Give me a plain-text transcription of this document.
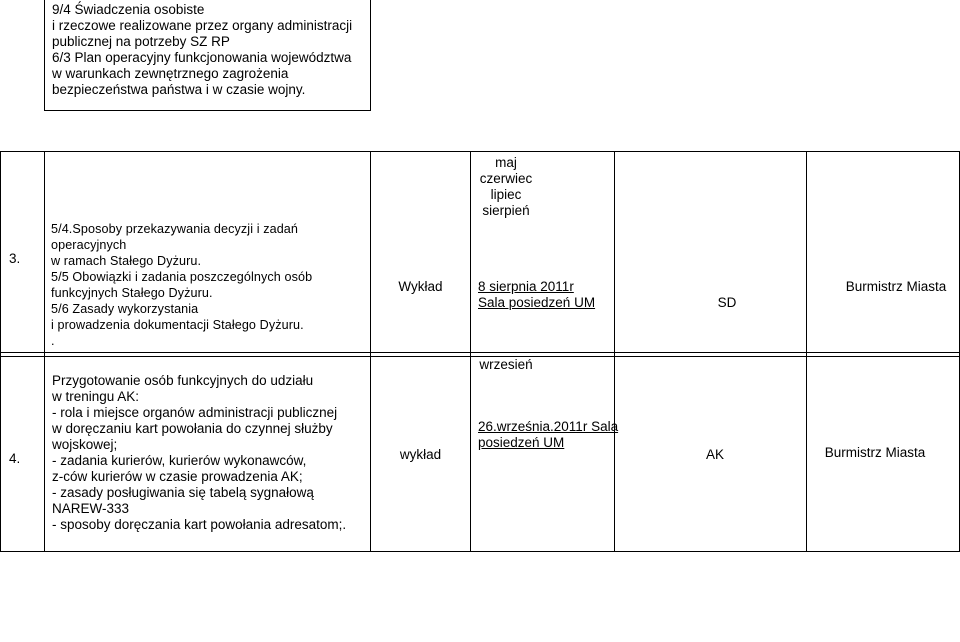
9/4 Świadczenia osobiste
i rzeczowe realizowane przez organy administracji
publicznej na potrzeby SZ RP
6/3 Plan operacyjny funkcjonowania województwa
w warunkach zewnętrznego zagrożenia
bezpieczeństwa państwa i w czasie wojny.
3.
5/4.Sposoby przekazywania decyzji i zadań
operacyjnych
w ramach Stałego Dyżuru.
5/5 Obowiązki i zadania poszczególnych osób
funkcyjnych Stałego Dyżuru.
5/6 Zasady wykorzystania
i prowadzenia dokumentacji Stałego Dyżuru.
.
Wykład
maj
czerwiec
lipiec
sierpień
8 sierpnia 2011r
Sala posiedzeń UM	SD
Burmistrz Miasta
4.
Przygotowanie osób funkcyjnych do udziału
w treningu AK:
- rola i miejsce organów administracji publicznej
w doręczaniu kart powołania do czynnej służby
wojskowej;
- zadania kurierów, kurierów wykonawców,
z-ców kurierów w czasie prowadzenia AK;
- zasady posługiwania się tabelą sygnałową
NAREW-333
- sposoby doręczania kart powołania adresatom;.
wykład
wrzesień
26.września.2011r Sala
posiedzeń UM
AK	Burmistrz Miasta
